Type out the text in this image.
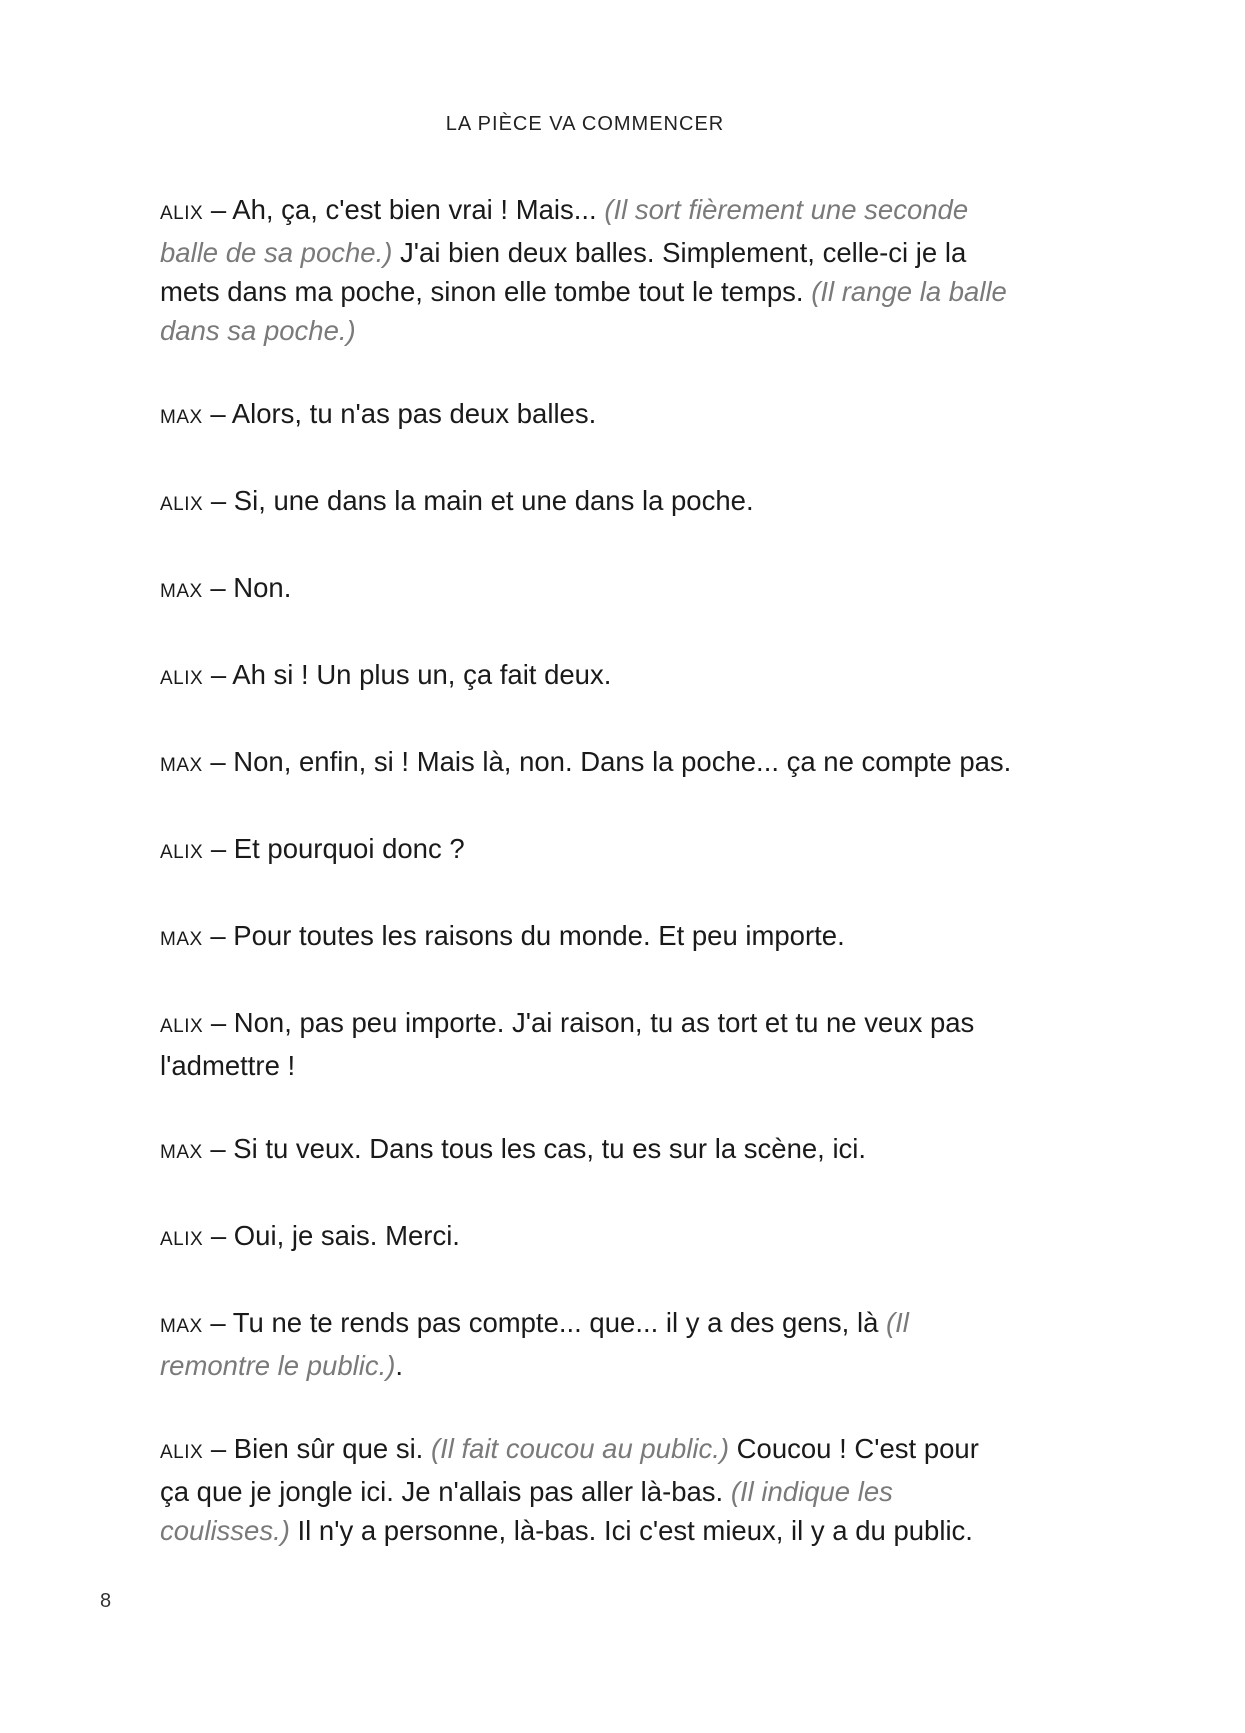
LA PIÈCE VA COMMENCER

ALIX – Ah, ça, c'est bien vrai ! Mais... (Il sort fièrement une seconde balle de sa poche.) J'ai bien deux balles. Simplement, celle-ci je la mets dans ma poche, sinon elle tombe tout le temps. (Il range la balle dans sa poche.)

MAX – Alors, tu n'as pas deux balles.

ALIX – Si, une dans la main et une dans la poche.

MAX – Non.

ALIX – Ah si ! Un plus un, ça fait deux.

MAX – Non, enfin, si ! Mais là, non. Dans la poche... ça ne compte pas.

ALIX – Et pourquoi donc ?

MAX – Pour toutes les raisons du monde. Et peu importe.

ALIX – Non, pas peu importe. J'ai raison, tu as tort et tu ne veux pas l'admettre !

MAX – Si tu veux. Dans tous les cas, tu es sur la scène, ici.

ALIX – Oui, je sais. Merci.

MAX – Tu ne te rends pas compte... que... il y a des gens, là (Il remontre le public.).

ALIX – Bien sûr que si. (Il fait coucou au public.) Coucou ! C'est pour ça que je jongle ici. Je n'allais pas aller là-bas. (Il indique les coulisses.) Il n'y a personne, là-bas. Ici c'est mieux, il y a du public.

8
